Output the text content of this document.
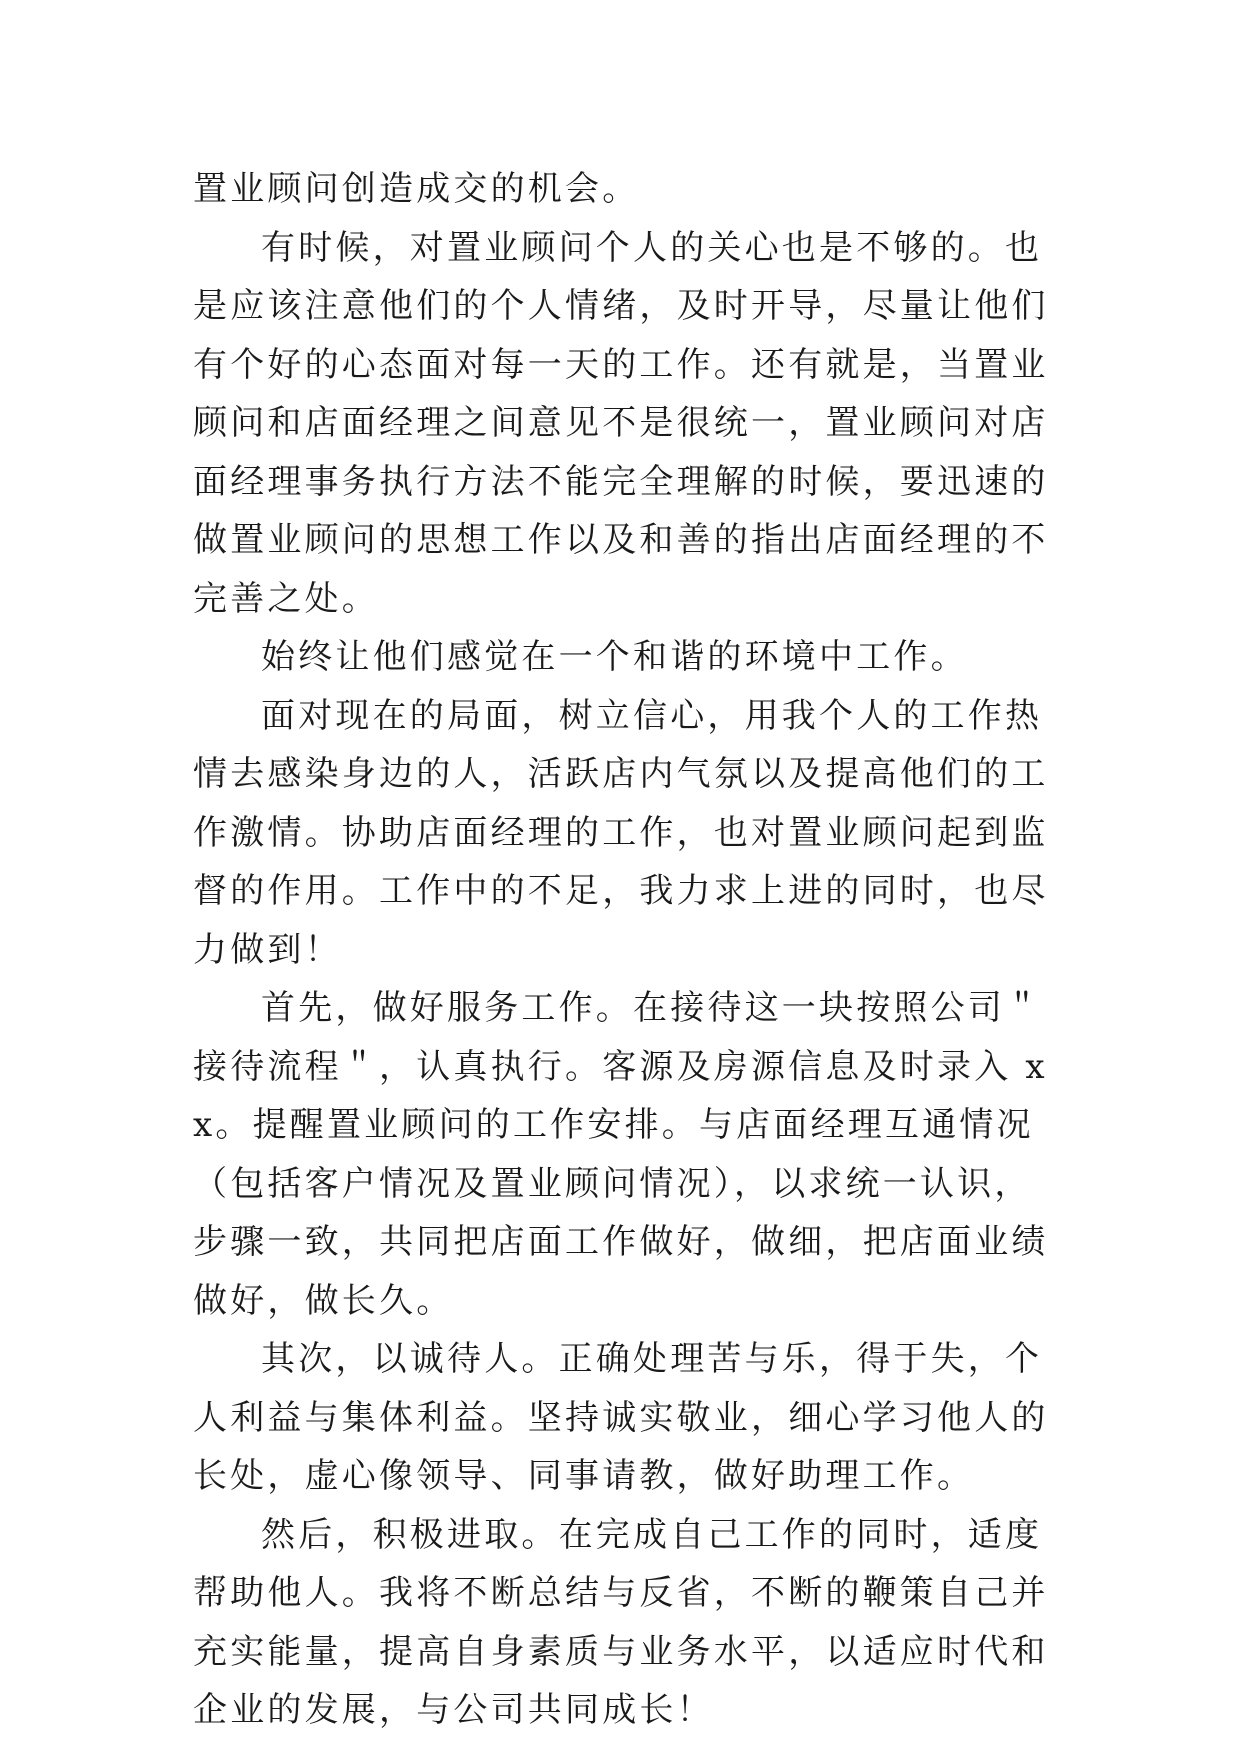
置业顾问创造成交的机会。

有时候，对置业顾问个人的关心也是不够的。也是应该注意他们的个人情绪，及时开导，尽量让他们有个好的心态面对每一天的工作。还有就是，当置业顾问和店面经理之间意见不是很统一，置业顾问对店面经理事务执行方法不能完全理解的时候，要迅速的做置业顾问的思想工作以及和善的指出店面经理的不完善之处。

始终让他们感觉在一个和谐的环境中工作。

面对现在的局面，树立信心，用我个人的工作热情去感染身边的人，活跃店内气氛以及提高他们的工作激情。协助店面经理的工作，也对置业顾问起到监督的作用。工作中的不足，我力求上进的同时，也尽力做到！

首先，做好服务工作。在接待这一块按照公司＂接待流程＂，认真执行。客源及房源信息及时录入 xx。提醒置业顾问的工作安排。与店面经理互通情况（包括客户情况及置业顾问情况），以求统一认识，步骤一致，共同把店面工作做好，做细，把店面业绩做好，做长久。

其次，以诚待人。正确处理苦与乐，得于失，个人利益与集体利益。坚持诚实敬业，细心学习他人的长处，虚心像领导、同事请教，做好助理工作。

然后，积极进取。在完成自己工作的同时，适度帮助他人。我将不断总结与反省，不断的鞭策自己并充实能量，提高自身素质与业务水平，以适应时代和企业的发展，与公司共同成长！
